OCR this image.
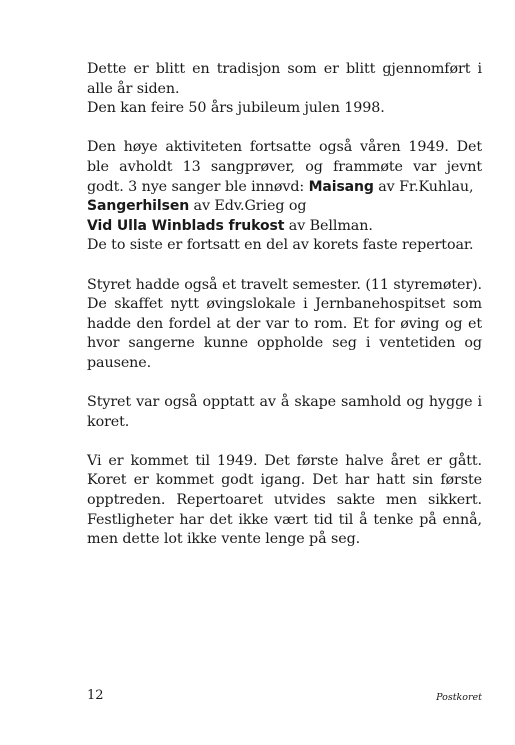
Dette er blitt en tradisjon som er blitt gjennomført i alle år siden.
Den kan feire 50 års jubileum julen 1998.

Den høye aktiviteten fortsatte også våren 1949. Det ble avholdt 13 sangprøver, og frammøte var jevnt godt. 3 nye sanger ble innøvd: Maisang av Fr.Kuhlau,
Sangerhilsen av Edv.Grieg og
Vid Ulla Winblads frukost av Bellman.
De to siste er fortsatt en del av korets faste repertoar.

Styret hadde også et travelt semester. (11 styremøter). De skaffet nytt øvingslokale i Jernbanehospitset som hadde den fordel at der var to rom. Et for øving og et hvor sangerne kunne oppholde seg i ventetiden og pausene.

Styret var også opptatt av å skape samhold og hygge i koret.

Vi er kommet til 1949. Det første halve året er gått. Koret er kommet godt igang. Det har hatt sin første opptreden. Repertoaret utvides sakte men sikkert. Festligheter har det ikke vært tid til å tenke på ennå, men dette lot ikke vente lenge på seg.

12	Postkoret
